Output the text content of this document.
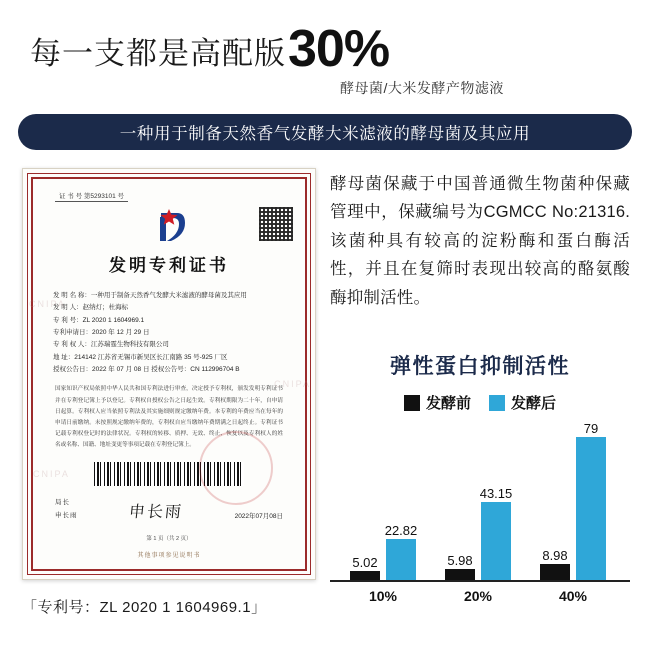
每一支都是高配版 30%
酵母菌/大米发酵产物滤液
一种用于制备天然香气发酵大米滤液的酵母菌及其应用
证 书 号 第5293101 号
发明专利证书
发 明 名 称：一种用于制备天然香气发酵大米滤液的酵母菌及其应用
发 明 人：赵纳灯；杜海标
专 利 号：ZL 2020 1 1604969.1
专利申请日：2020 年 12 月 29 日
专 利 权 人：江苏瑞霆生物科技有限公司
地 址：214142 江苏省无锡市新吴区长江南路 35 号-925 厂区
授权公告日：2022 年 07 月 08 日 授权公告号：CN 112996704 B
国家知识产权局依照中华人民共和国专利法进行审查，决定授予专利权，颁发发明专利证书并在专利登记簿上予以登记。专利权自授权公告之日起生效。专利权期限为二十年，自申请日起算。专利权人应当依照专利法及其实施细则规定缴纳年费。本专利的年费应当在每年的申请日前缴纳。未按照规定缴纳年费的，专利权自应当缴纳年费期满之日起终止。专利证书记载专利权登记时的法律状况。专利权的转移、质押、无效、终止、恢复以及专利权人的姓名或名称、国籍、地址变更等事项记载在专利登记簿上。
局长
申长雨	申长雨	2022年07月08日
第 1 页（共 2 页）
其他事项参见说明书
CNIPA
CNIPA
CNIPA
酵母菌保藏于中国普通微生物菌种保藏管理中，保藏编号为CGMCC No:21316.该菌种具有较高的淀粉酶和蛋白酶活性，并且在复筛时表现出较高的酪氨酸酶抑制活性。
弹性蛋白抑制活性
发酵前	发酵后
5.02
22.82
5.98
43.15
8.98
79
10%	20%	40%
「专利号：ZL 2020 1 1604969.1」
